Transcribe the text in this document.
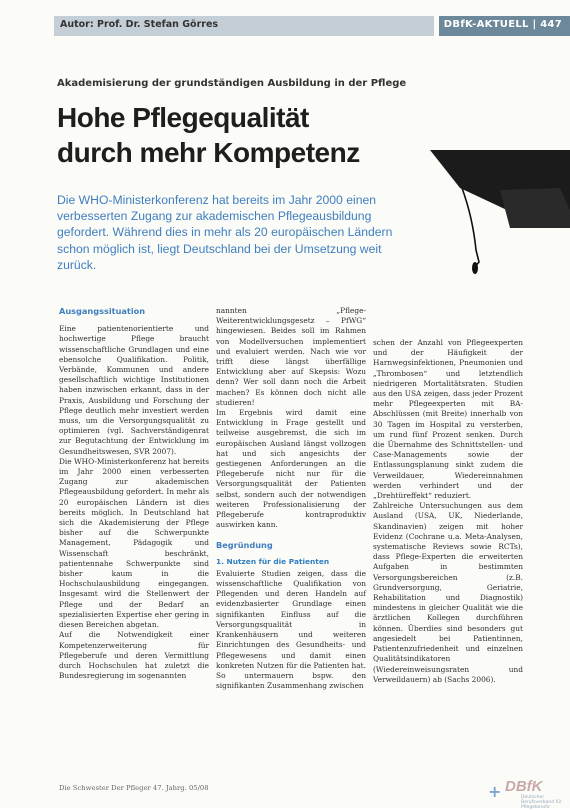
Autor: Prof. Dr. Stefan Görres	DBfK-AKTUELL | 447
Akademisierung der grundständigen Ausbildung in der Pflege
Hohe Pflegequalität
durch mehr Kompetenz
Die WHO-Ministerkonferenz hat bereits im Jahr 2000 einen verbesserten Zugang zur akademischen Pflegeausbildung gefordert. Während dies in mehr als 20 europäischen Ländern schon möglich ist, liegt Deutschland bei der Umsetzung weit zurück.

Ausgangssituation

Eine patientenorientierte und hochwertige Pflege braucht wissenschaftliche Grundlagen und eine ebensolche Qualifikation. Politik, Verbände, Kommunen und andere gesellschaftlich wichtige Institutionen haben inzwischen erkannt, dass in der Praxis, Ausbildung und Forschung der Pflege deutlich mehr investiert werden muss, um die Versorgungsqualität zu optimieren (vgl. Sachverständigenrat zur Begutachtung der Entwicklung im Gesundheitswesen, SVR 2007).

Die WHO-Ministerkonferenz hat bereits im Jahr 2000 einen verbesserten Zugang zur akademischen Pflegeausbildung gefordert. In mehr als 20 europäischen Ländern ist dies bereits möglich. In Deutschland hat sich die Akademisierung der Pflege bisher auf die Schwerpunkte Management, Pädagogik und Wissenschaft beschränkt, patientennahe Schwerpunkte sind bisher kaum in die Hochschulausbildung eingegangen. Insgesamt wird die Stellenwert der Pflege und der Bedarf an spezialisierten Expertise eher gering in diesen Bereichen abgetan.

Auf die Notwendigkeit einer Kompetenzerweiterung für Pflegeberufe und deren Vermittlung durch Hochschulen hat zuletzt die Bundesregierung im sogenannten

nannten „Pflege-Weiterentwicklungsgesetz – PfWG“ hingewiesen. Beides soll im Rahmen von Modellversuchen implementiert und evaluiert werden. Nach wie vor trifft diese längst überfällige Entwicklung aber auf Skepsis: Wozu denn? Wer soll dann noch die Arbeit machen? Es können doch nicht alle studieren!

Im Ergebnis wird damit eine Entwicklung in Frage gestellt und teilweise ausgebremst, die sich im europäischen Ausland längst vollzogen hat und sich angesichts der gestiegenen Anforderungen an die Pflegeberufe nicht nur für die Versorgungsqualität der Patienten selbst, sondern auch der notwendigen weiteren Professionalisierung der Pflegeberufe kontraproduktiv auswirken kann.

Begründung

1. Nutzen für die Patienten

Evaluierte Studien zeigen, dass die wissenschaftliche Qualifikation von Pflegenden und deren Handeln auf evidenzbasierter Grundlage einen signifikanten Einfluss auf die Versorgungsqualität in Krankenhäusern und weiteren Einrichtungen des Gesundheits- und Pflegewesens und damit einen konkreten Nutzen für die Patienten hat. So untermauern bspw. den signifikanten Zusammenhang zwischen

schen der Anzahl von Pflegeexperten und der Häufigkeit der Harnwegsinfektionen, Pneumonien und „Thrombosen“ und letztendlich niedrigeren Mortalitätsraten. Studien aus den USA zeigen, dass jeder Prozent mehr Pflegeexperten mit BA-Abschlüssen (mit Breite) innerhalb von 30 Tagen im Hospital zu versterben, um rund fünf Prozent senken. Durch die Übernahme des Schnittstellen- und Case-Managements sowie der Entlassungsplanung sinkt zudem die Verweildauer, Wiedereinnahmen werden verhindert und der „Drehtüreffekt“ reduziert.

Zahlreiche Untersuchungen aus dem Ausland (USA, UK, Niederlande, Skandinavien) zeigen mit hoher Evidenz (Cochrane u.a. Meta-Analysen, systematische Reviews sowie RCTs), dass Pflege-Experten die erweiterten Aufgaben in bestimmten Versorgungsbereichen (z.B. Grundversorgung, Geriatrie, Rehabilitation und Diagnostik) mindestens in gleicher Qualität wie die ärztlichen Kollegen durchführen können. Überdies sind besonders gut angesiedelt bei Patientinnen, Patientenzufriedenheit und einzelnen Qualitätsindikatoren (Wiedereinweisungsraten und Verweildauern) ab (Sachs 2006).

Die Schwester Der Pfleger 47. Jahrg. 05/08	+ DBfK
Deutscher Berufsverband für Pflegeberufe
